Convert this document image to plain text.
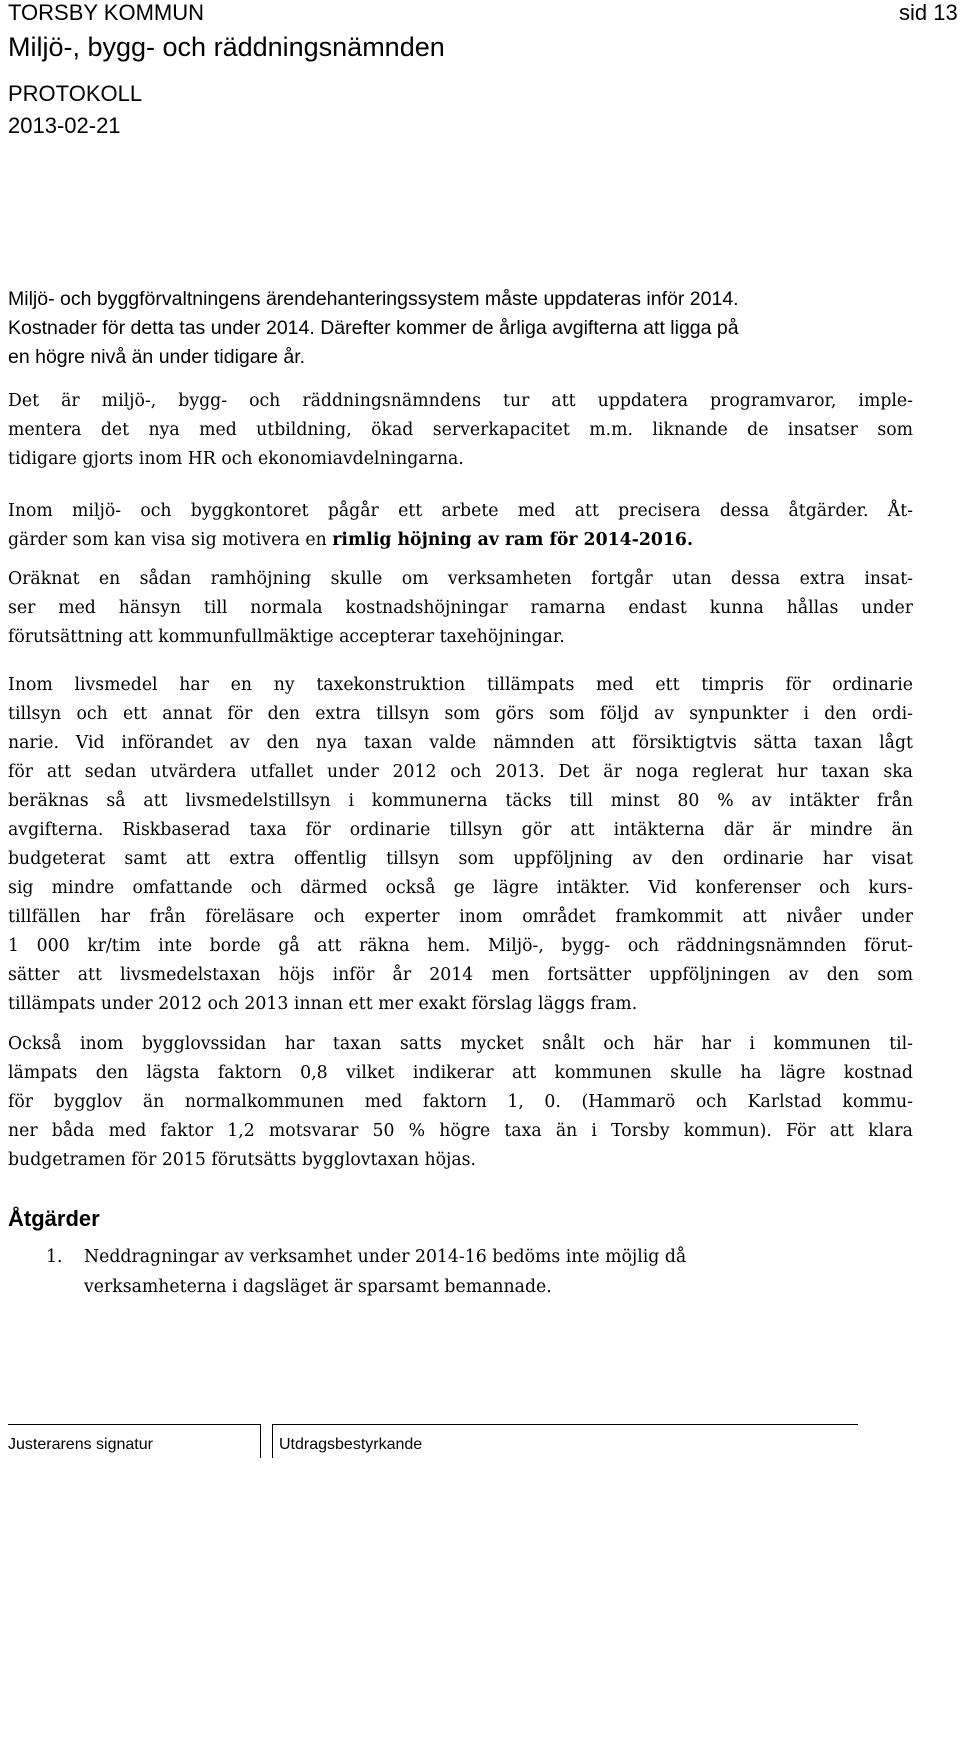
TORSBY KOMMUN	sid 13
Miljö-, bygg- och räddningsnämnden
PROTOKOLL
2013-02-21
Miljö- och byggförvaltningens ärendehanteringssystem måste uppdateras inför 2014.
Kostnader för detta tas under 2014. Därefter kommer de årliga avgifterna att ligga på
en högre nivå än under tidigare år.
Det är miljö-, bygg- och räddningsnämndens tur att uppdatera programvaror, imple-
mentera det nya med utbildning, ökad serverkapacitet m.m. liknande de insatser som
tidigare gjorts inom HR och ekonomiavdelningarna.
Inom miljö- och byggkontoret pågår ett arbete med att precisera dessa åtgärder. Åt-
gärder som kan visa sig motivera en rimlig höjning av ram för 2014-2016.
Oräknat en sådan ramhöjning skulle om verksamheten fortgår utan dessa extra insat-
ser med hänsyn till normala kostnadshöjningar ramarna endast kunna hållas under
förutsättning att kommunfullmäktige accepterar taxehöjningar.
Inom livsmedel har en ny taxekonstruktion tillämpats med ett timpris för ordinarie
tillsyn och ett annat för den extra tillsyn som görs som följd av synpunkter i den ordi-
narie. Vid införandet av den nya taxan valde nämnden att försiktigtvis sätta taxan lågt
för att sedan utvärdera utfallet under 2012 och 2013. Det är noga reglerat hur taxan ska
beräknas så att livsmedelstillsyn i kommunerna täcks till minst 80 % av intäkter från
avgifterna. Riskbaserad taxa för ordinarie tillsyn gör att intäkterna där är mindre än
budgeterat samt att extra offentlig tillsyn som uppföljning av den ordinarie har visat
sig mindre omfattande och därmed också ge lägre intäkter. Vid konferenser och kurs-
tillfällen har från föreläsare och experter inom området framkommit att nivåer under
1 000 kr/tim inte borde gå att räkna hem. Miljö-, bygg- och räddningsnämnden förut-
sätter att livsmedelstaxan höjs inför år 2014 men fortsätter uppföljningen av den som
tillämpats under 2012 och 2013 innan ett mer exakt förslag läggs fram.
Också inom bygglovssidan har taxan satts mycket snålt och här har i kommunen til-
lämpats den lägsta faktorn 0,8 vilket indikerar att kommunen skulle ha lägre kostnad
för bygglov än normalkommunen med faktorn 1, 0. (Hammarö och Karlstad kommu-
ner båda med faktor 1,2 motsvarar 50 % högre taxa än i Torsby kommun). För att klara
budgetramen för 2015 förutsätts bygglovtaxan höjas.
Åtgärder
1. Neddragningar av verksamhet under 2014-16 bedöms inte möjlig då
verksamheterna i dagsläget är sparsamt bemannade.
Justerarens signatur	Utdragsbestyrkande
